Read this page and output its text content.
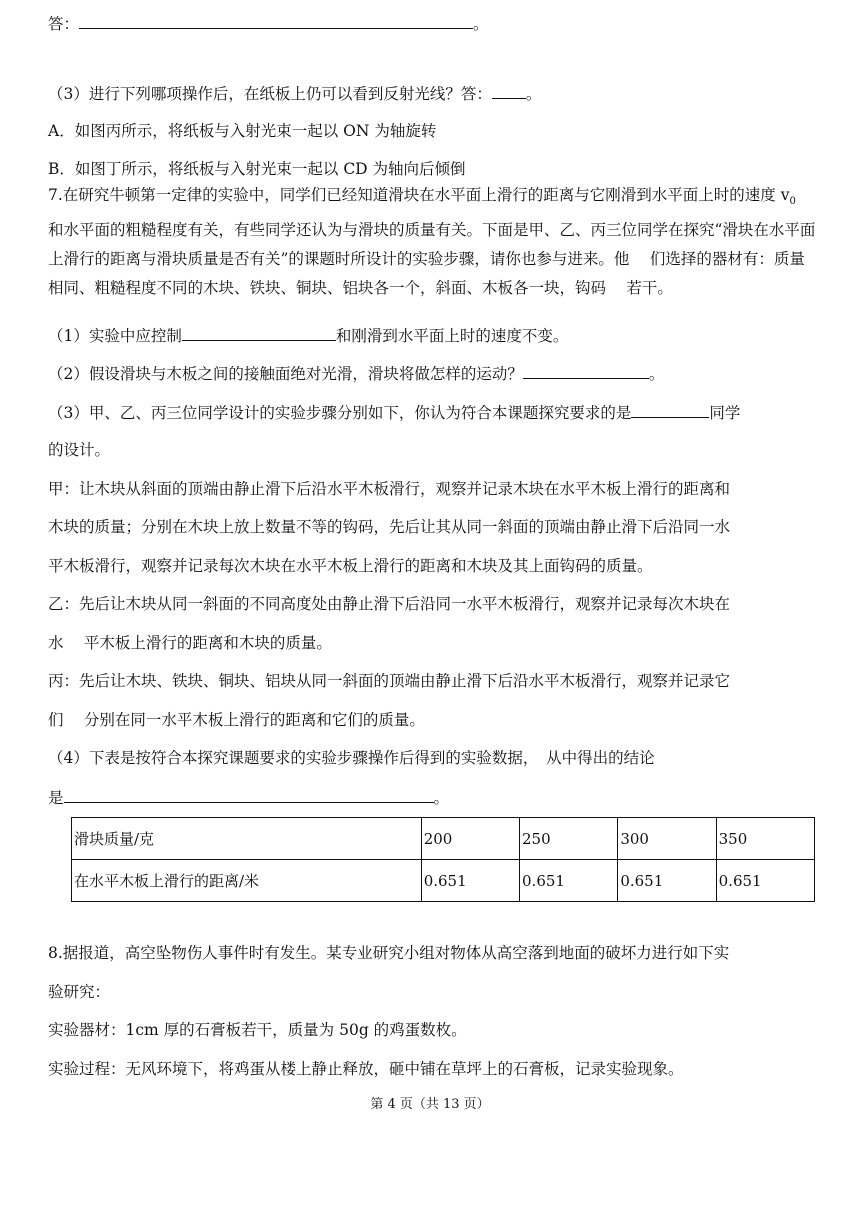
答：	。
（3）进行下列哪项操作后，在纸板上仍可以看到反射光线？答： 。
A．如图丙所示，将纸板与入射光束一起以 ON 为轴旋转
B．如图丁所示，将纸板与入射光束一起以 CD 为轴向后倾倒
7.在研究牛顿第一定律的实验中，同学们已经知道滑块在水平面上滑行的距离与它刚滑到水平面上时的速度 $v_0$ 和水平面的粗糙程度有关，有些同学还认为与滑块的质量有关。下面是甲、乙、丙三位同学在探究“滑块在水平面上滑行的距离与滑块质量是否有关”的课题时所设计的实验步骤，请你也参与进来。他　 们选择的器材有：质量相同、粗糙程度不同的木块、铁块、铜块、铝块各一个，斜面、木板各一块，钩码　 若干。
（1）实验中应控制	和刚滑到水平面上时的速度不变。
（2）假设滑块与木板之间的接触面绝对光滑，滑块将做怎样的运动？	。
（3）甲、乙、丙三位同学设计的实验步骤分别如下，你认为符合本课题探究要求的是	同学
的设计。
甲：让木块从斜面的顶端由静止滑下后沿水平木板滑行，观察并记录木块在水平木板上滑行的距离和
木块的质量；分别在木块上放上数量不等的钩码，先后让其从同一斜面的顶端由静止滑下后沿同一水
平木板滑行，观察并记录每次木块在水平木板上滑行的距离和木块及其上面钩码的质量。
乙：先后让木块从同一斜面的不同高度处由静止滑下后沿同一水平木板滑行，观察并记录每次木块在
水　 平木板上滑行的距离和木块的质量。
丙：先后让木块、铁块、铜块、铝块从同一斜面的顶端由静止滑下后沿水平木板滑行，观察并记录它
们　 分别在同一水平木板上滑行的距离和它们的质量。
（4）下表是按符合本探究课题要求的实验步骤操作后得到的实验数据，　从中得出的结论
是	。
滑块质量/克	200	250	300	350
在水平木板上滑行的距离/米	0.651	0.651	0.651	0.651
8.据报道，高空坠物伤人事件时有发生。某专业研究小组对物体从高空落到地面的破坏力进行如下实
验研究：
实验器材：1cm 厚的石膏板若干，质量为 50g 的鸡蛋数枚。
实验过程：无风环境下，将鸡蛋从楼上静止释放，砸中铺在草坪上的石膏板，记录实验现象。
第 4 页（共 13 页）
